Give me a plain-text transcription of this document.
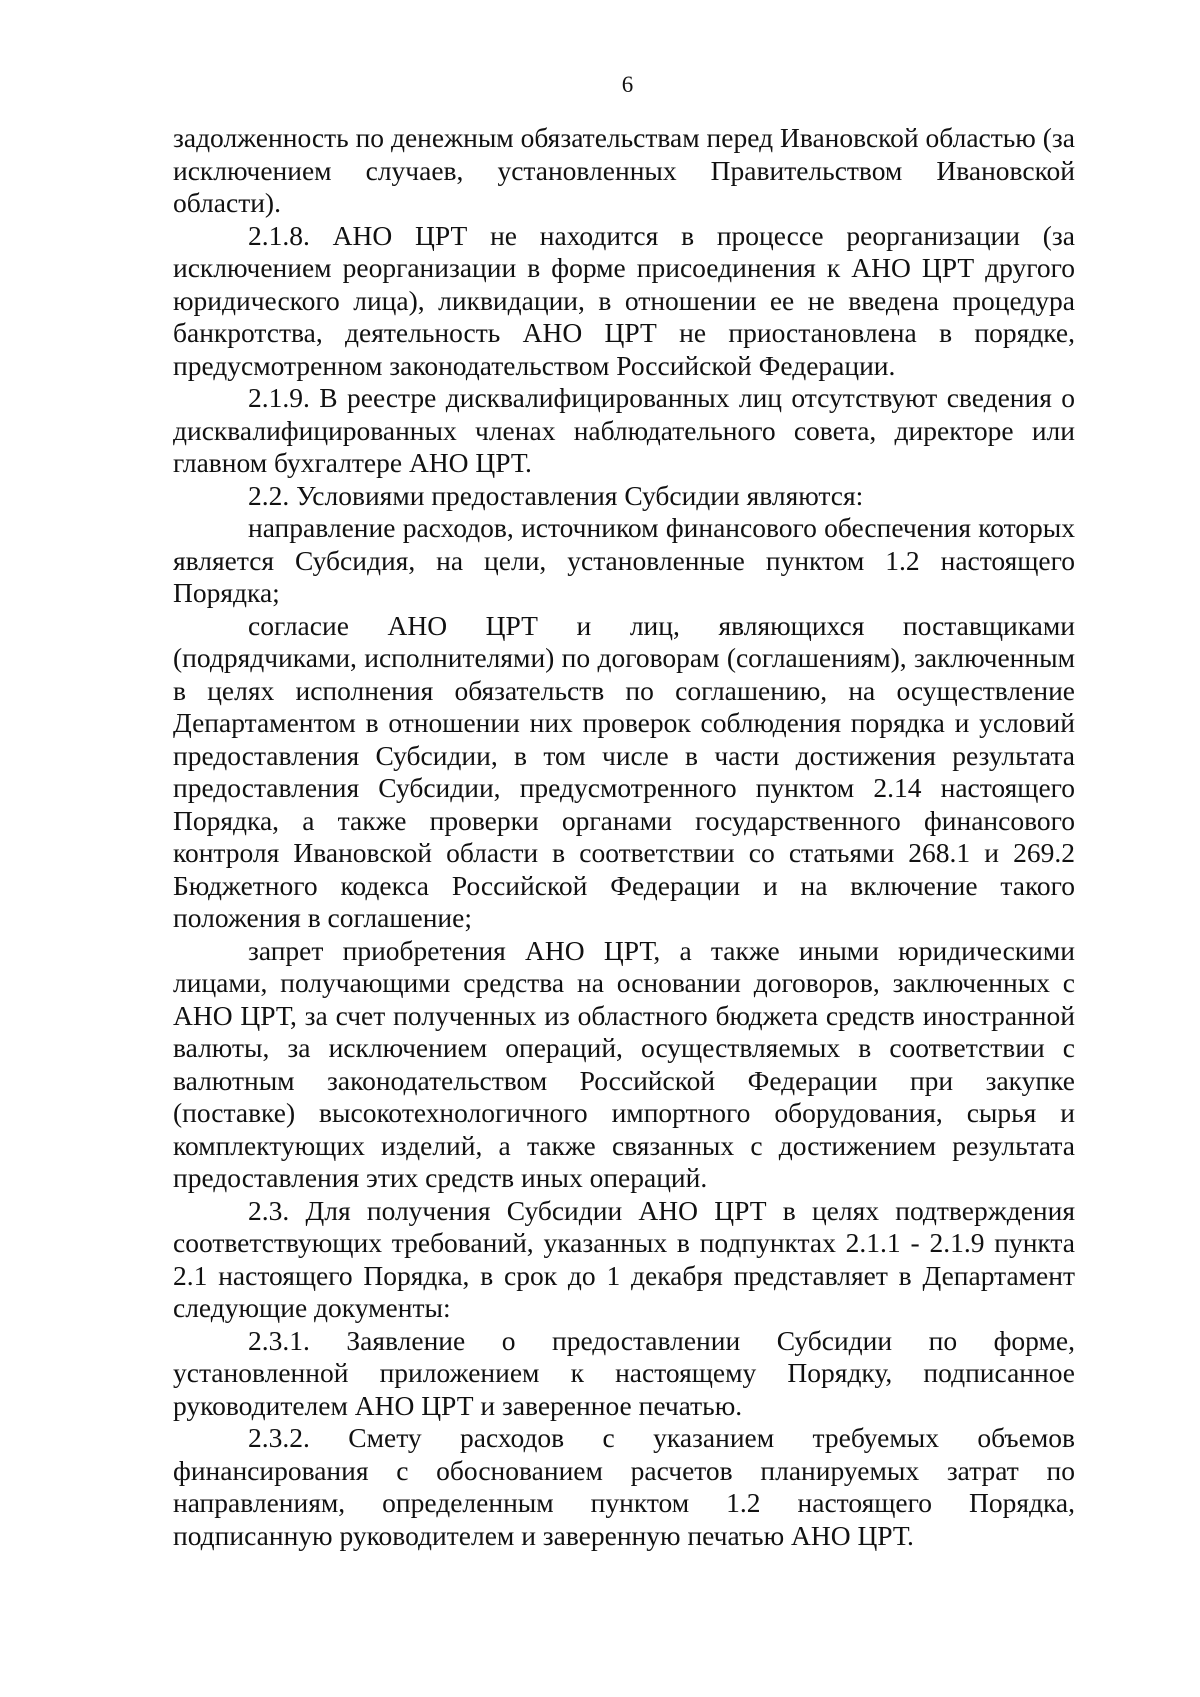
6

задолженность по денежным обязательствам перед Ивановской областью (за исключением случаев, установленных Правительством Ивановской области).

2.1.8. АНО ЦРТ не находится в процессе реорганизации (за исключением реорганизации в форме присоединения к АНО ЦРТ другого юридического лица), ликвидации, в отношении ее не введена процедура банкротства, деятельность АНО ЦРТ не приостановлена в порядке, предусмотренном законодательством Российской Федерации.

2.1.9. В реестре дисквалифицированных лиц отсутствуют сведения о дисквалифицированных членах наблюдательного совета, директоре или главном бухгалтере АНО ЦРТ.

2.2. Условиями предоставления Субсидии являются:

направление расходов, источником финансового обеспечения которых является Субсидия, на цели, установленные пунктом 1.2 настоящего Порядка;

согласие АНО ЦРТ и лиц, являющихся поставщиками (подрядчиками, исполнителями) по договорам (соглашениям), заключенным в целях исполнения обязательств по соглашению, на осуществление Департаментом в отношении них проверок соблюдения порядка и условий предоставления Субсидии, в том числе в части достижения результата предоставления Субсидии, предусмотренного пунктом 2.14 настоящего Порядка, а также проверки органами государственного финансового контроля Ивановской области в соответствии со статьями 268.1 и 269.2 Бюджетного кодекса Российской Федерации и на включение такого положения в соглашение;

запрет приобретения АНО ЦРТ, а также иными юридическими лицами, получающими средства на основании договоров, заключенных с АНО ЦРТ, за счет полученных из областного бюджета средств иностранной валюты, за исключением операций, осуществляемых в соответствии с валютным законодательством Российской Федерации при закупке (поставке) высокотехнологичного импортного оборудования, сырья и комплектующих изделий, а также связанных с достижением результата предоставления этих средств иных операций.

2.3. Для получения Субсидии АНО ЦРТ в целях подтверждения соответствующих требований, указанных в подпунктах 2.1.1 - 2.1.9 пункта 2.1 настоящего Порядка, в срок до 1 декабря представляет в Департамент следующие документы:

2.3.1. Заявление о предоставлении Субсидии по форме, установленной приложением к настоящему Порядку, подписанное руководителем АНО ЦРТ и заверенное печатью.

2.3.2. Смету расходов с указанием требуемых объемов финансирования с обоснованием расчетов планируемых затрат по направлениям, определенным пунктом 1.2 настоящего Порядка, подписанную руководителем и заверенную печатью АНО ЦРТ.
